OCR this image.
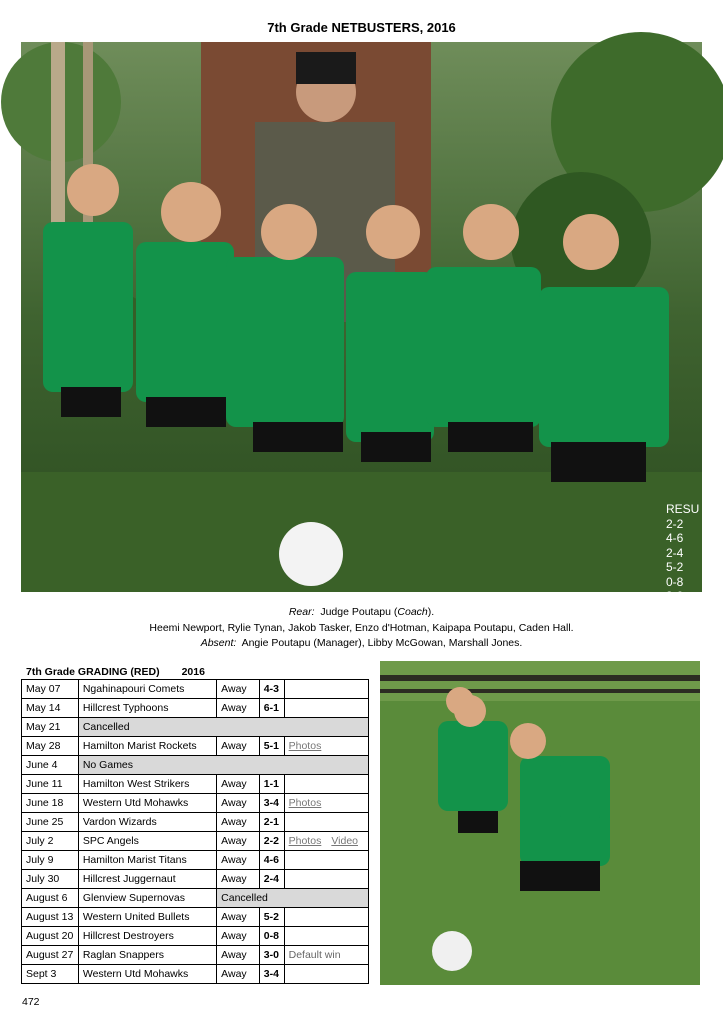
7th Grade NETBUSTERS, 2016
RESU
2-2
4-6
2-4
5-2
0-8
3-0
Rear: Judge Poutapu (Coach).
Heemi Newport, Rylie Tynan, Jakob Tasker, Enzo d'Hotman, Kaipapa Poutapu, Caden Hall.
Absent: Angie Poutapu (Manager), Libby McGowan, Marshall Jones.
7th Grade GRADING (RED) 2016
May 07	Ngahinapouri Comets	Away	4-3	
May 14	Hillcrest Typhoons	Away	6-1	
May 21	Cancelled			
May 28	Hamilton Marist Rockets	Away	5-1	Photos
June 4	No Games			
June 11	Hamilton West Strikers	Away	1-1	
June 18	Western Utd Mohawks	Away	3-4	Photos
June 25	Vardon Wizards	Away	2-1	
July 2	SPC Angels	Away	2-2	Photos Video
July 9	Hamilton Marist Titans	Away	4-6	
July 30	Hillcrest Juggernaut	Away	2-4	
August 6	Glenview Supernovas	Cancelled		
August 13	Western United Bullets	Away	5-2	
August 20	Hillcrest Destroyers	Away	0-8	
August 27	Raglan Snappers	Away	3-0	Default win
Sept 3	Western Utd Mohawks	Away	3-4	
472
